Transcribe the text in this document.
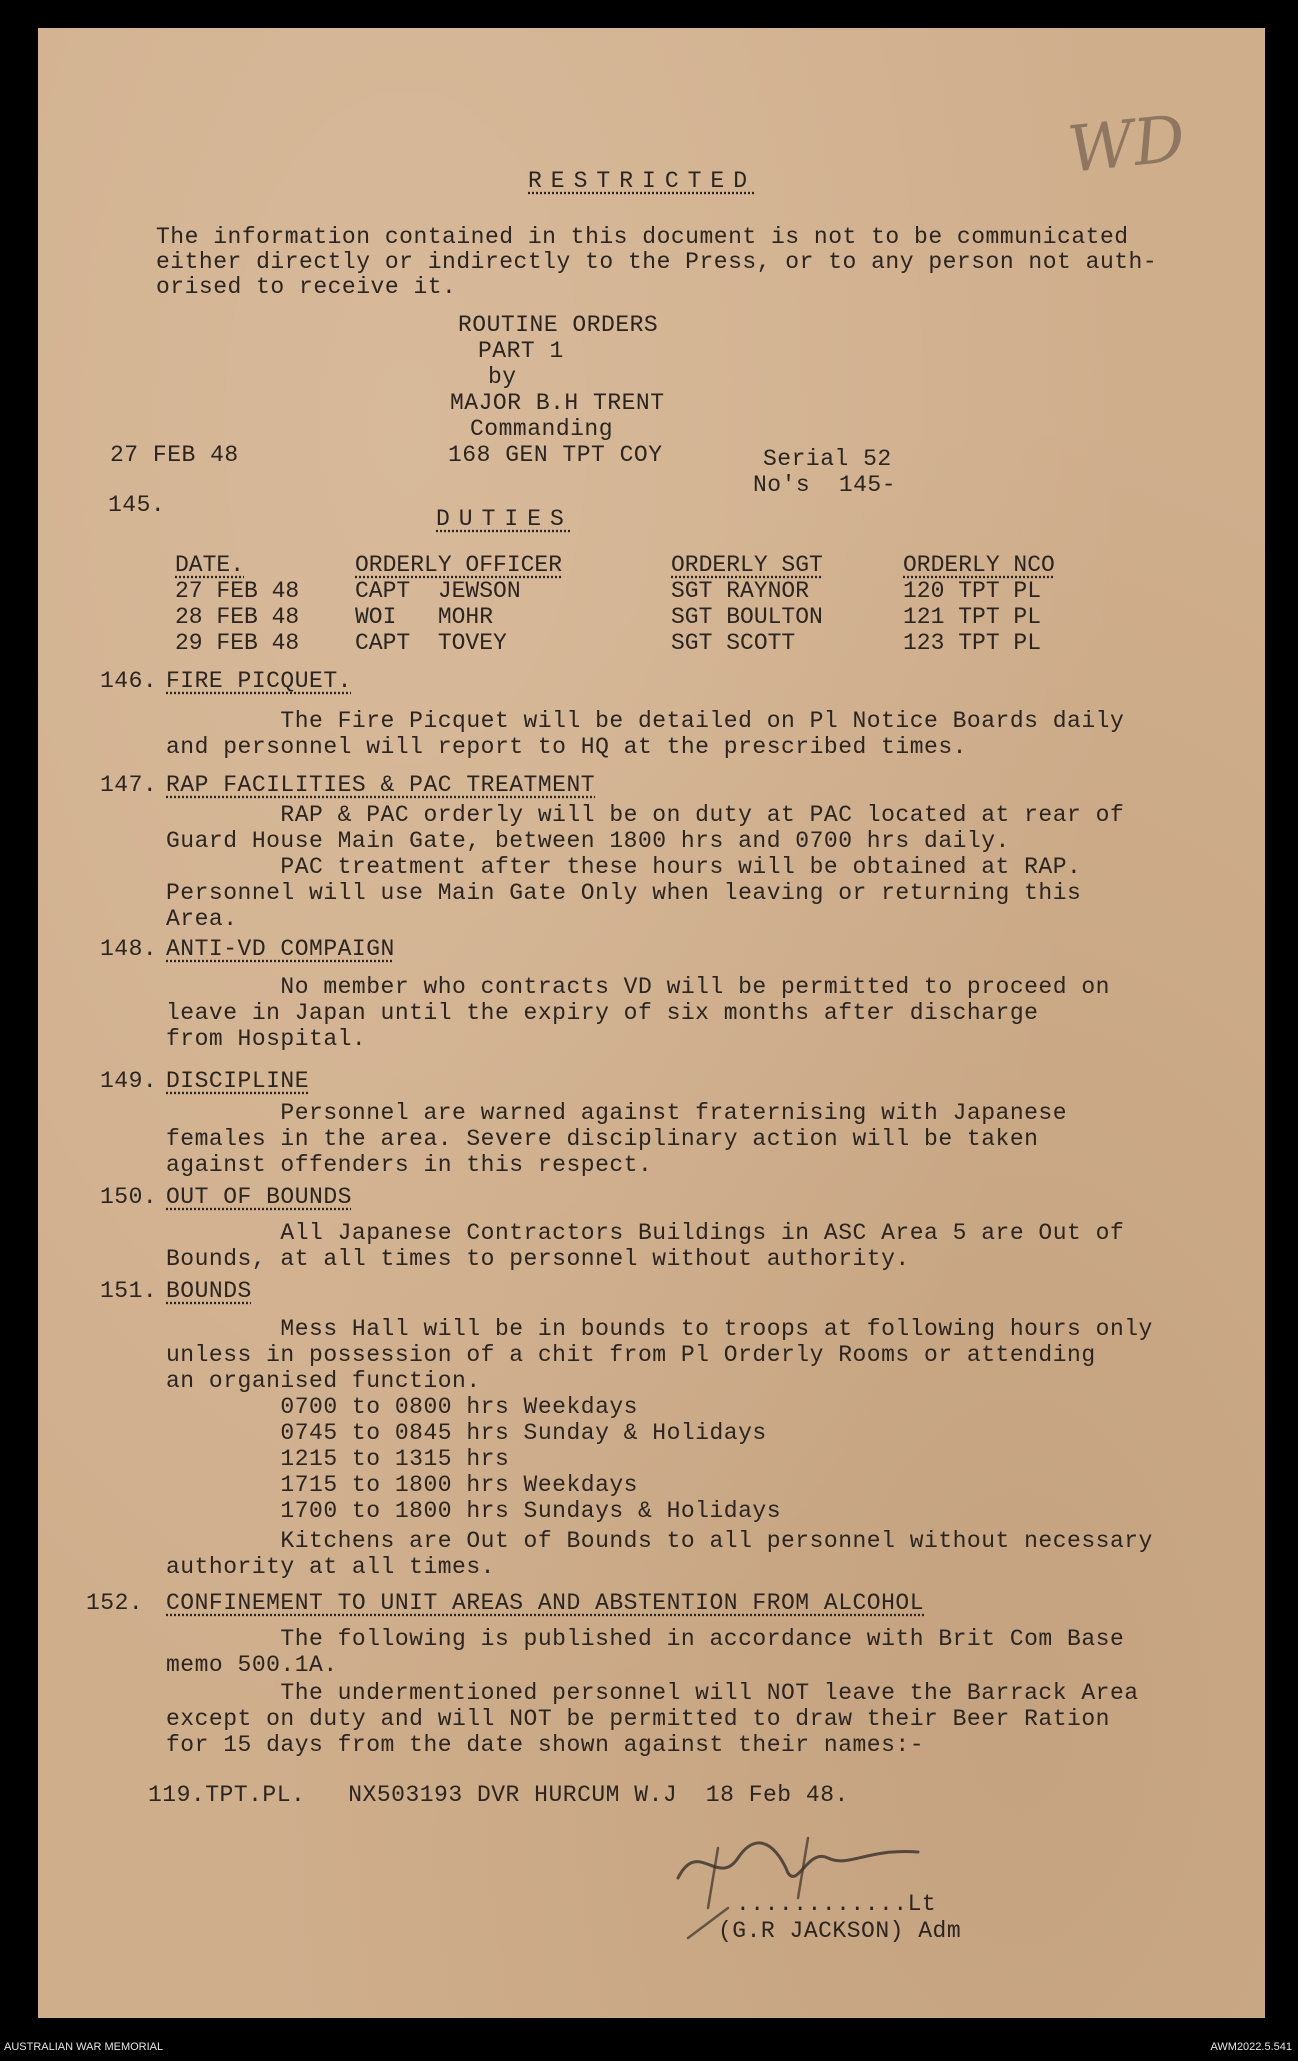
WD
RESTRICTED
The information contained in this document is not to be communicated
either directly or indirectly to the Press, or to any person not auth-
orised to receive it.
ROUTINE ORDERS
PART 1
by
MAJOR B.H TRENT
Commanding
168 GEN TPT COY
27 FEB 48	Serial 52
No's  145-
145.
DUTIES
DATE.	ORDERLY OFFICER	ORDERLY SGT	ORDERLY NCO
27 FEB 48	CAPT  JEWSON	SGT RAYNOR	120 TPT PL
28 FEB 48	WOI   MOHR	SGT BOULTON	121 TPT PL
29 FEB 48	CAPT  TOVEY	SGT SCOTT	123 TPT PL
146. FIRE PICQUET.
The Fire Picquet will be detailed on Pl Notice Boards daily
and personnel will report to HQ at the prescribed times.
147. RAP FACILITIES & PAC TREATMENT
RAP & PAC orderly will be on duty at PAC located at rear of
Guard House Main Gate, between 1800 hrs and 0700 hrs daily.
PAC treatment after these hours will be obtained at RAP.
Personnel will use Main Gate Only when leaving or returning this
Area.
148. ANTI-VD COMPAIGN
No member who contracts VD will be permitted to proceed on
leave in Japan until the expiry of six months after discharge
from Hospital.
149. DISCIPLINE
Personnel are warned against fraternising with Japanese
females in the area. Severe disciplinary action will be taken
against offenders in this respect.
150. OUT OF BOUNDS
All Japanese Contractors Buildings in ASC Area 5 are Out of
Bounds, at all times to personnel without authority.
151. BOUNDS
Mess Hall will be in bounds to troops at following hours only
unless in possession of a chit from Pl Orderly Rooms or attending
an organised function.
0700 to 0800 hrs Weekdays
0745 to 0845 hrs Sunday & Holidays
1215 to 1315 hrs
1715 to 1800 hrs Weekdays
1700 to 1800 hrs Sundays & Holidays
Kitchens are Out of Bounds to all personnel without necessary
authority at all times.
152. CONFINEMENT TO UNIT AREAS AND ABSTENTION FROM ALCOHOL
The following is published in accordance with Brit Com Base
memo 500.1A.
The undermentioned personnel will NOT leave the Barrack Area
except on duty and will NOT be permitted to draw their Beer Ration
for 15 days from the date shown against their names:-
119.TPT.PL.   NX503193 DVR HURCUM W.J  18 Feb 48.
............Lt
(G.R JACKSON) Adm
AUSTRALIAN WAR MEMORIAL	AWM2022.5.541
